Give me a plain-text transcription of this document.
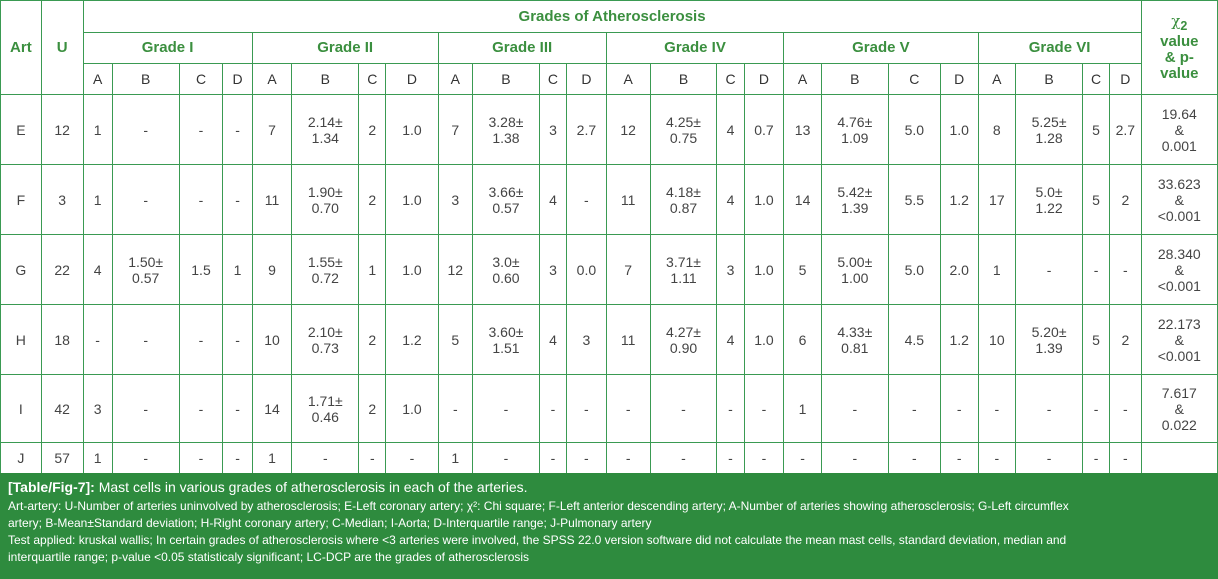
Art	U	Grades of Atherosclerosis																								$\chi_2$
value
& p-
value
		Grade I				Grade II				Grade III				Grade IV				Grade V				Grade VI				
		A	B	C	D	A	B	C	D	A	B	C	D	A	B	C	D	A	B	C	D	A	B	C	D	
E	12	1	-	-	-	7	2.14±
1.34	2	1.0	7	3.28±
1.38	3	2.7	12	4.25±
0.75	4	0.7	13	4.76±
1.09	5.0	1.0	8	5.25±
1.28	5	2.7	19.64
&
0.001
F	3	1	-	-	-	11	1.90±
0.70	2	1.0	3	3.66±
0.57	4	-	11	4.18±
0.87	4	1.0	14	5.42±
1.39	5.5	1.2	17	5.0±
1.22	5	2	33.623
&
<0.001
G	22	4	1.50±
0.57	1.5	1	9	1.55±
0.72	1	1.0	12	3.0±
0.60	3	0.0	7	3.71±
1.11	3	1.0	5	5.00±
1.00	5.0	2.0	1	-	-	-	28.340
&
<0.001
H	18	-	-	-	-	10	2.10±
0.73	2	1.2	5	3.60±
1.51	4	3	11	4.27±
0.90	4	1.0	6	4.33±
0.81	4.5	1.2	10	5.20±
1.39	5	2	22.173
&
<0.001
I	42	3	-	-	-	14	1.71±
0.46	2	1.0	-	-	-	-	-	-	-	-	1	-	-	-	-	-	-	-	7.617
&
0.022
J	57	1	-	-	-	1	-	-	-	1	-	-	-	-	-	-	-	-	-	-	-	-	-	-	-	
[Table/Fig-7]: Mast cells in various grades of atherosclerosis in each of the arteries.
Art-artery: U-Number of arteries uninvolved by atherosclerosis; E-Left coronary artery; χ²: Chi square; F-Left anterior descending artery; A-Number of arteries showing atherosclerosis; G-Left circumflex
artery; B-Mean±Standard deviation; H-Right coronary artery; C-Median; I-Aorta; D-Interquartile range; J-Pulmonary artery
Test applied: kruskal wallis; In certain grades of atherosclerosis where <3 arteries were involved, the SPSS 22.0 version software did not calculate the mean mast cells, standard deviation, median and
interquartile range; p-value <0.05 statisticaly significant; LC-DCP are the grades of atherosclerosis
